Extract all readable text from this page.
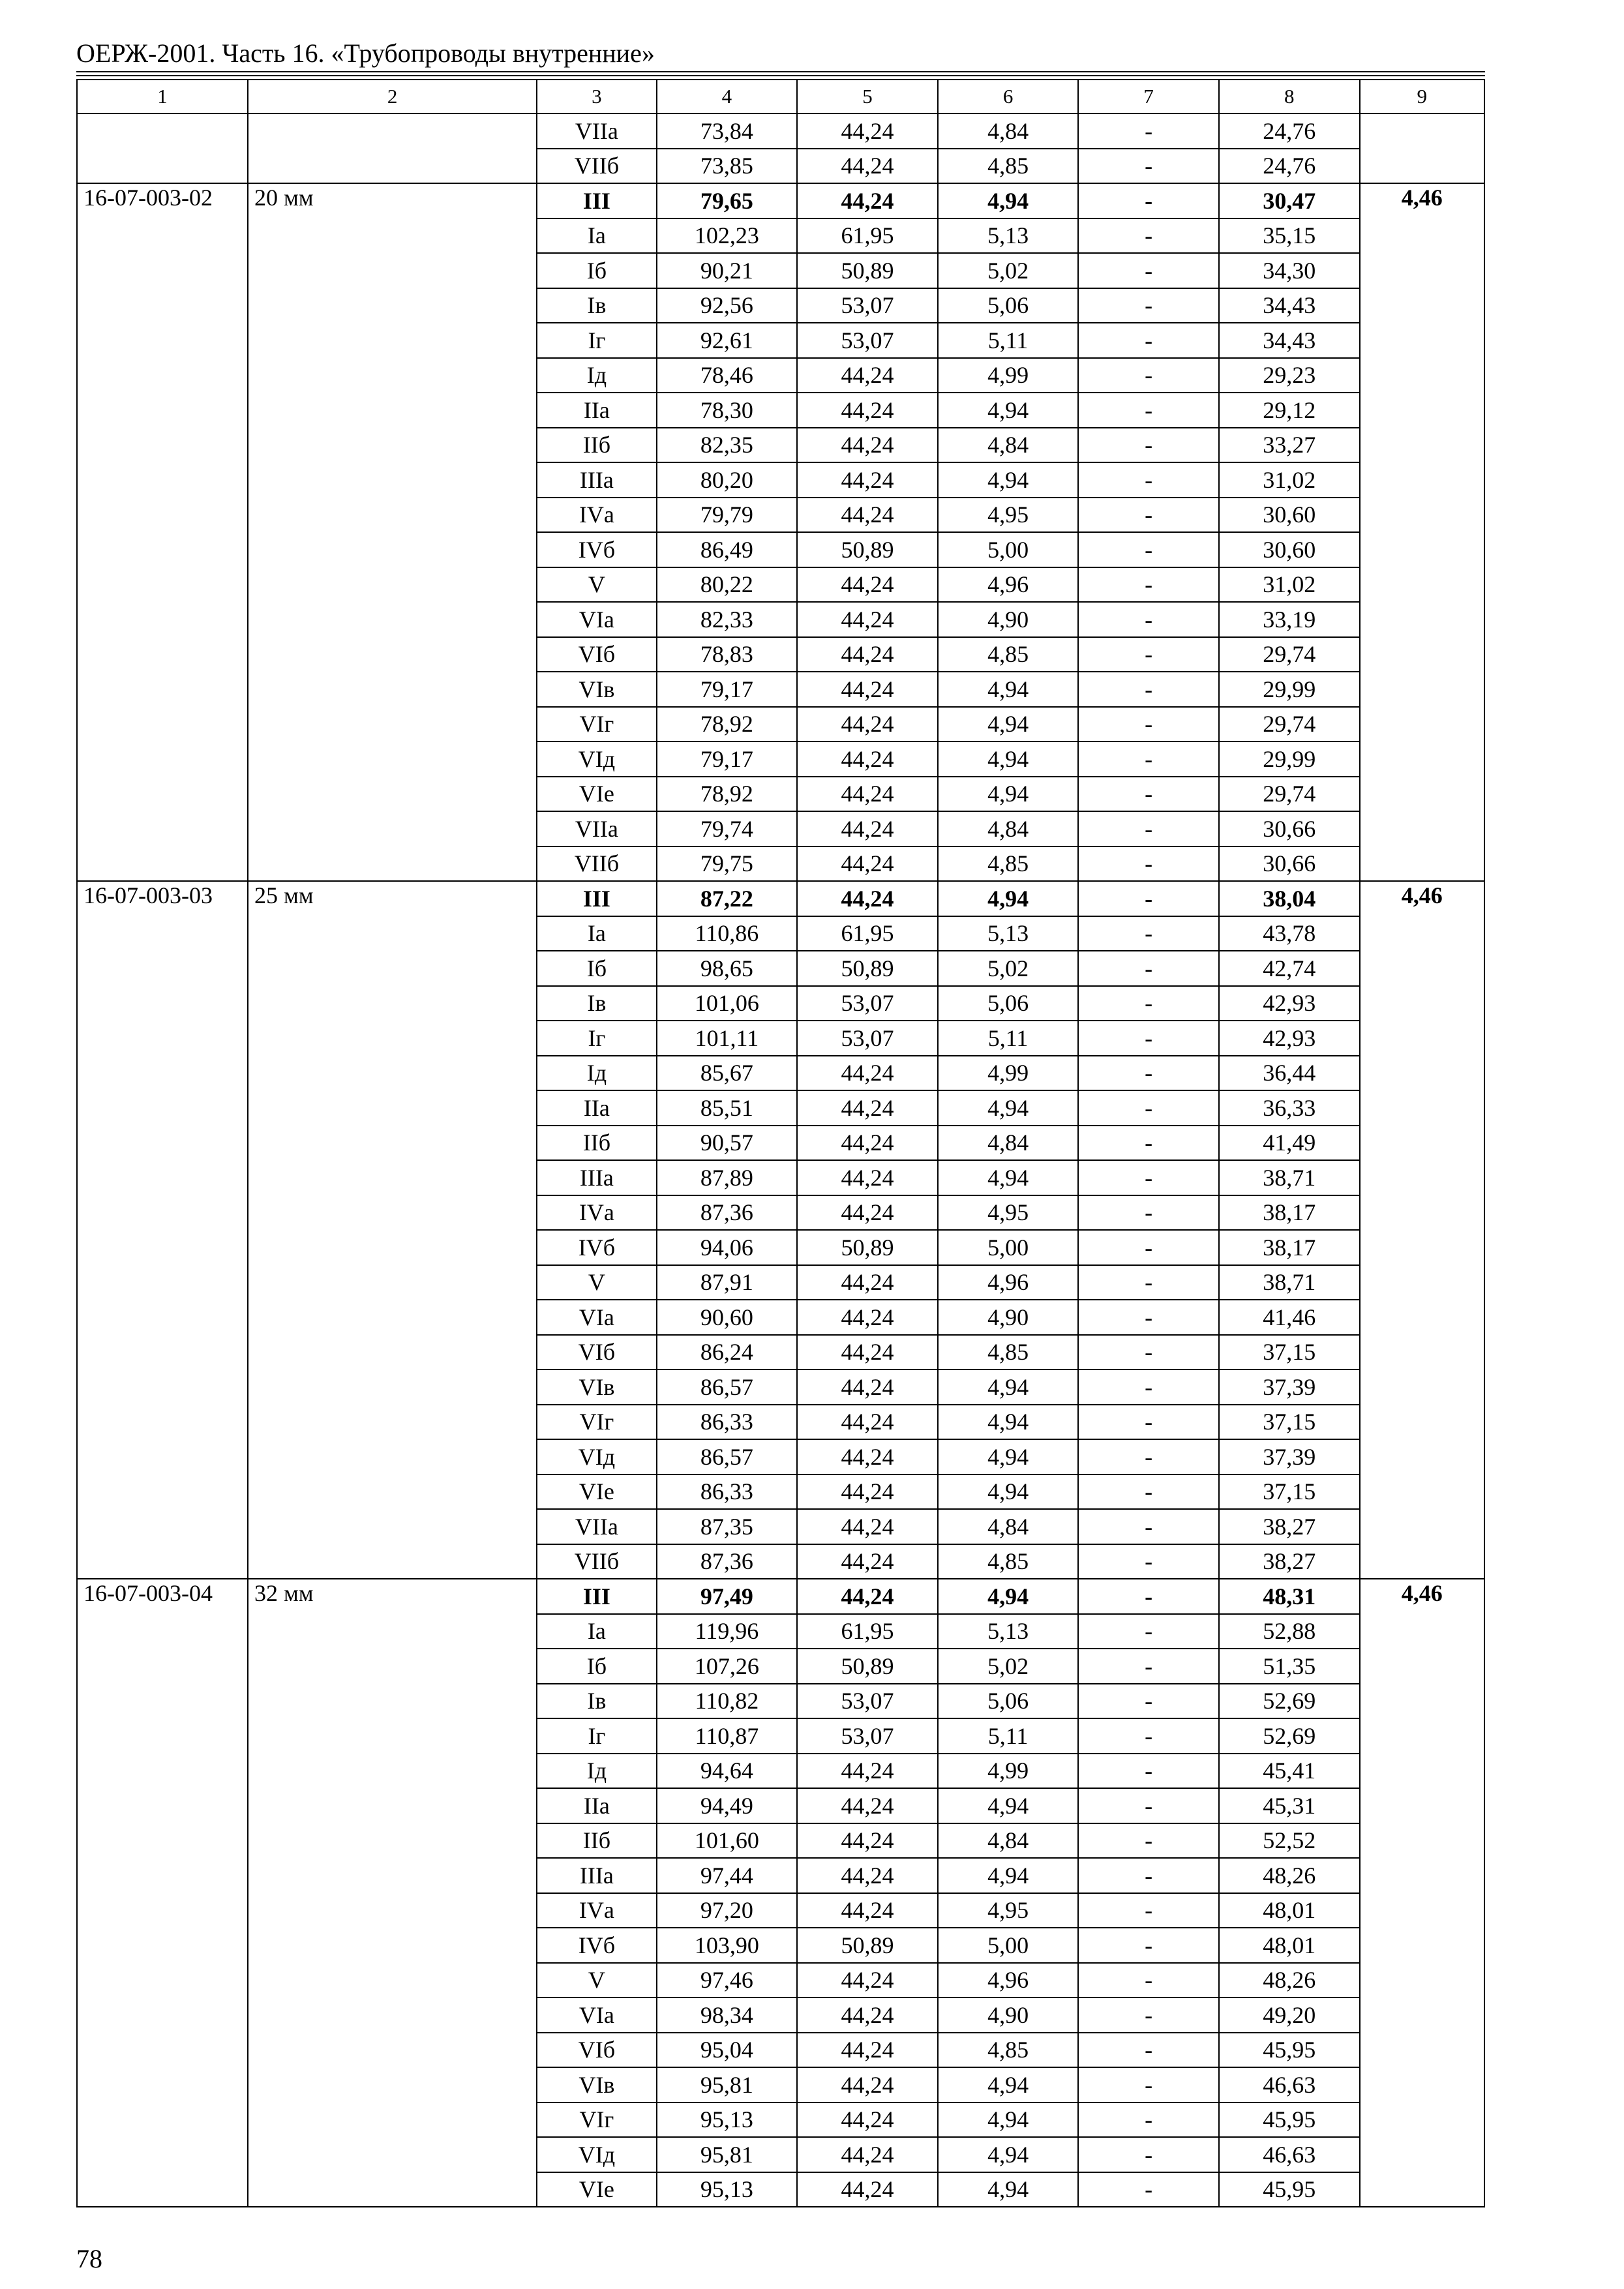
ОЕРЖ-2001. Часть 16. «Трубопроводы внутренние»
1	2	3	4	5	6	7	8	9
		VIIа	73,84	44,24	4,84	-	24,76	
		VIIб	73,85	44,24	4,85	-	24,76	
16-07-003-02	20 мм	III	79,65	44,24	4,94	-	30,47	4,46
		Iа	102,23	61,95	5,13	-	35,15	
		Iб	90,21	50,89	5,02	-	34,30	
		Iв	92,56	53,07	5,06	-	34,43	
		Iг	92,61	53,07	5,11	-	34,43	
		Iд	78,46	44,24	4,99	-	29,23	
		IIа	78,30	44,24	4,94	-	29,12	
		IIб	82,35	44,24	4,84	-	33,27	
		IIIа	80,20	44,24	4,94	-	31,02	
		IVа	79,79	44,24	4,95	-	30,60	
		IVб	86,49	50,89	5,00	-	30,60	
		V	80,22	44,24	4,96	-	31,02	
		VIа	82,33	44,24	4,90	-	33,19	
		VIб	78,83	44,24	4,85	-	29,74	
		VIв	79,17	44,24	4,94	-	29,99	
		VIг	78,92	44,24	4,94	-	29,74	
		VIд	79,17	44,24	4,94	-	29,99	
		VIе	78,92	44,24	4,94	-	29,74	
		VIIа	79,74	44,24	4,84	-	30,66	
		VIIб	79,75	44,24	4,85	-	30,66	
16-07-003-03	25 мм	III	87,22	44,24	4,94	-	38,04	4,46
		Iа	110,86	61,95	5,13	-	43,78	
		Iб	98,65	50,89	5,02	-	42,74	
		Iв	101,06	53,07	5,06	-	42,93	
		Iг	101,11	53,07	5,11	-	42,93	
		Iд	85,67	44,24	4,99	-	36,44	
		IIа	85,51	44,24	4,94	-	36,33	
		IIб	90,57	44,24	4,84	-	41,49	
		IIIа	87,89	44,24	4,94	-	38,71	
		IVа	87,36	44,24	4,95	-	38,17	
		IVб	94,06	50,89	5,00	-	38,17	
		V	87,91	44,24	4,96	-	38,71	
		VIа	90,60	44,24	4,90	-	41,46	
		VIб	86,24	44,24	4,85	-	37,15	
		VIв	86,57	44,24	4,94	-	37,39	
		VIг	86,33	44,24	4,94	-	37,15	
		VIд	86,57	44,24	4,94	-	37,39	
		VIе	86,33	44,24	4,94	-	37,15	
		VIIа	87,35	44,24	4,84	-	38,27	
		VIIб	87,36	44,24	4,85	-	38,27	
16-07-003-04	32 мм	III	97,49	44,24	4,94	-	48,31	4,46
		Iа	119,96	61,95	5,13	-	52,88	
		Iб	107,26	50,89	5,02	-	51,35	
		Iв	110,82	53,07	5,06	-	52,69	
		Iг	110,87	53,07	5,11	-	52,69	
		Iд	94,64	44,24	4,99	-	45,41	
		IIа	94,49	44,24	4,94	-	45,31	
		IIб	101,60	44,24	4,84	-	52,52	
		IIIа	97,44	44,24	4,94	-	48,26	
		IVа	97,20	44,24	4,95	-	48,01	
		IVб	103,90	50,89	5,00	-	48,01	
		V	97,46	44,24	4,96	-	48,26	
		VIа	98,34	44,24	4,90	-	49,20	
		VIб	95,04	44,24	4,85	-	45,95	
		VIв	95,81	44,24	4,94	-	46,63	
		VIг	95,13	44,24	4,94	-	45,95	
		VIд	95,81	44,24	4,94	-	46,63	
		VIе	95,13	44,24	4,94	-	45,95	
78
